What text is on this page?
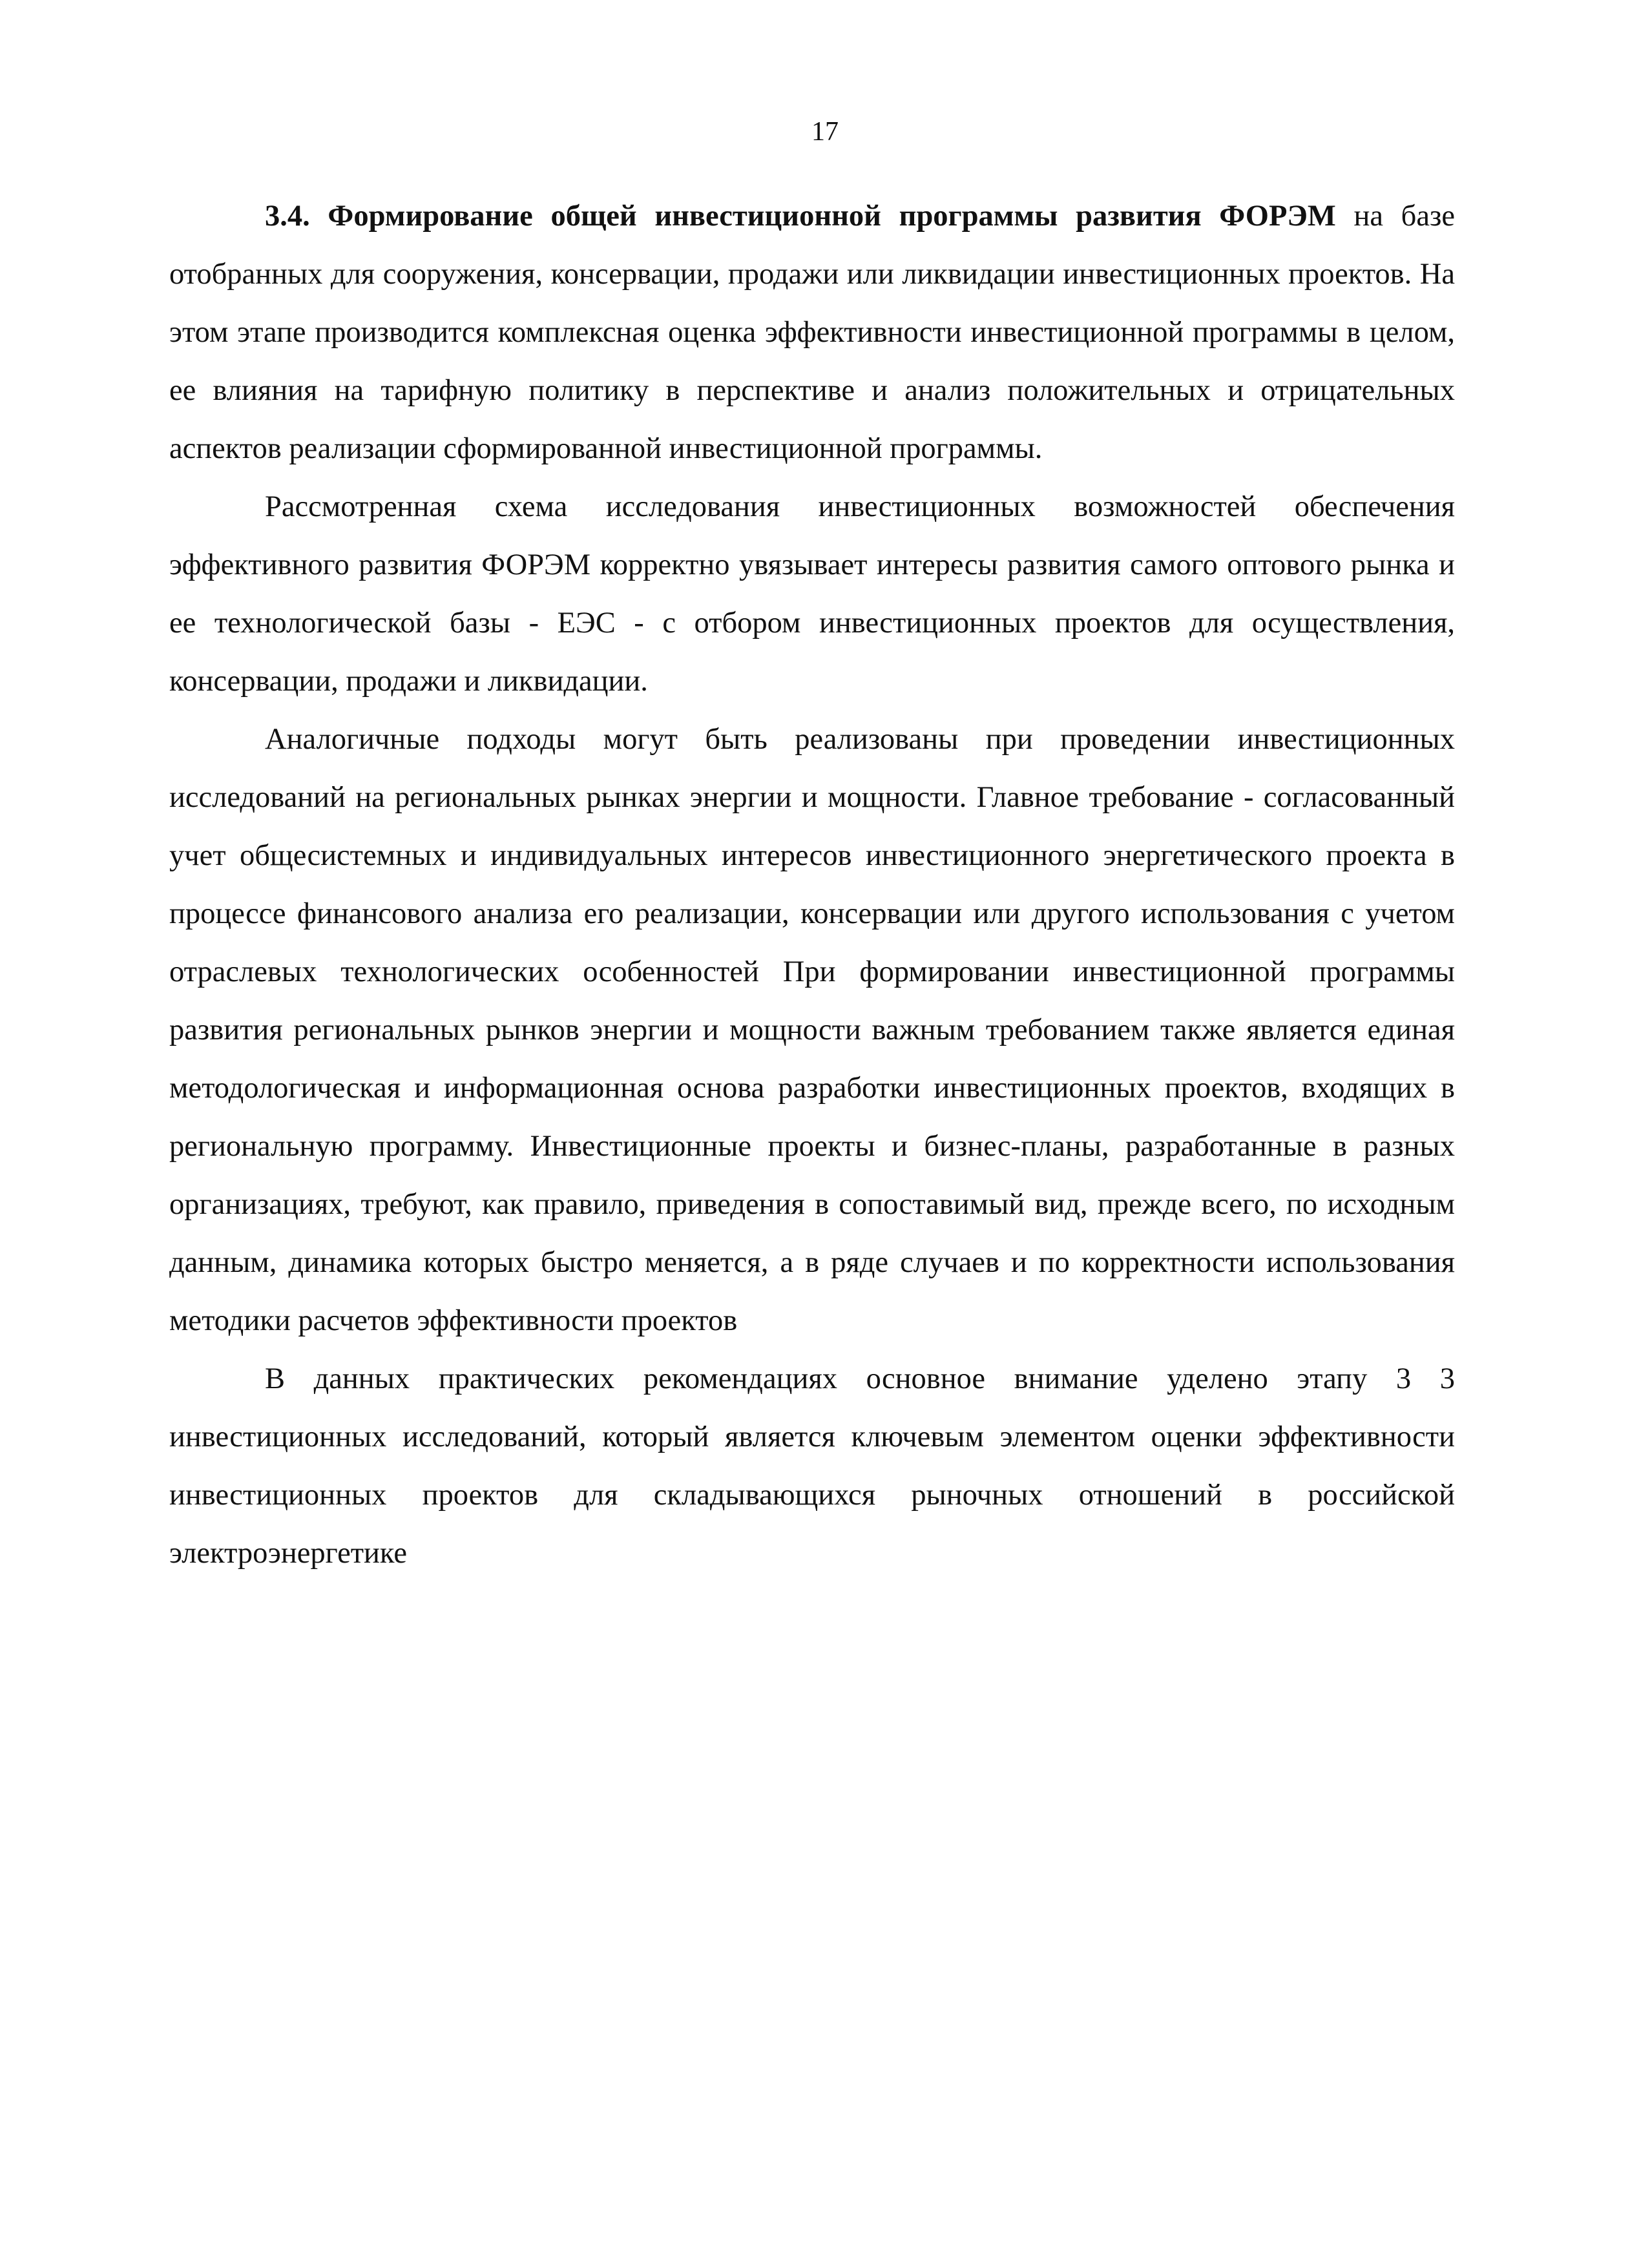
17

3.4. Формирование общей инвестиционной программы развития ФОРЭМ на базе отобранных для сооружения, консервации, продажи или ликвидации инвестиционных проектов. На этом этапе производится комплексная оценка эффективности инвестиционной программы в целом, ее влияния на тарифную политику в перспективе и анализ положительных и отрицательных аспектов реализации сформированной инвестиционной программы.

Рассмотренная схема исследования инвестиционных возможностей обеспечения эффективного развития ФОРЭМ корректно увязывает интересы развития самого оптового рынка и ее технологической базы - ЕЭС - с отбором инвестиционных проектов для осуществления, консервации, продажи и ликвидации.

Аналогичные подходы могут быть реализованы при проведении инвестиционных исследований на региональных рынках энергии и мощности. Главное требование - согласованный учет общесистемных и индивидуальных интересов инвестиционного энергетического проекта в процессе финансового анализа его реализации, консервации или другого использования с учетом отраслевых технологических особенностей При формировании инвестиционной программы развития региональных рынков энергии и мощности важным требованием также является единая методологическая и информационная основа разработки инвестиционных проектов, входящих в региональную программу. Инвестиционные проекты и бизнес-планы, разработанные в разных организациях, требуют, как правило, приведения в сопоставимый вид, прежде всего, по исходным данным, динамика которых быстро меняется, а в ряде случаев и по корректности использования методики расчетов эффективности проектов

В данных практических рекомендациях основное внимание уделено этапу 3 3 инвестиционных исследований, который является ключевым элементом оценки эффективности инвестиционных проектов для складывающихся рыночных отношений в российской электроэнергетике
